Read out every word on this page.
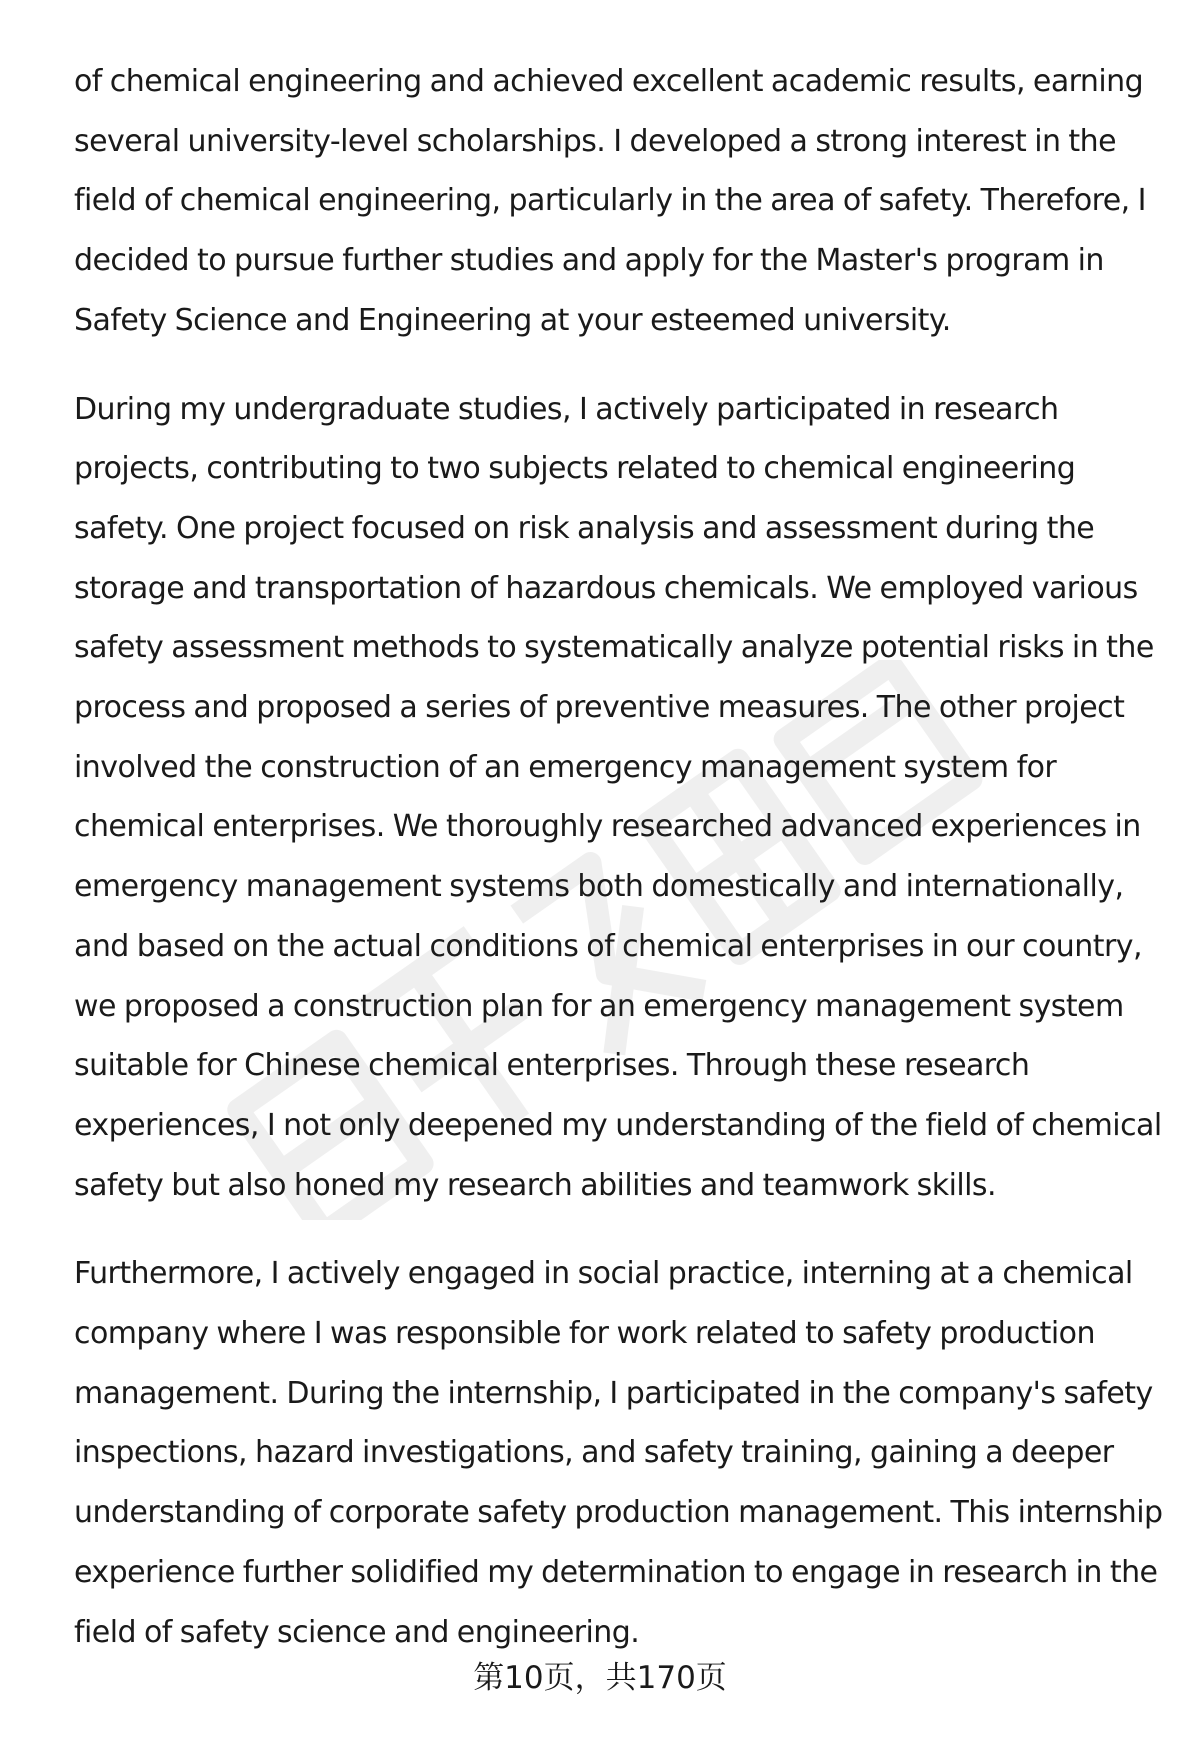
of chemical engineering and achieved excellent academic results, earning
several university-level scholarships. I developed a strong interest in the
field of chemical engineering, particularly in the area of safety. Therefore, I
decided to pursue further studies and apply for the Master's program in
Safety Science and Engineering at your esteemed university.

During my undergraduate studies, I actively participated in research
projects, contributing to two subjects related to chemical engineering
safety. One project focused on risk analysis and assessment during the
storage and transportation of hazardous chemicals. We employed various
safety assessment methods to systematically analyze potential risks in the
process and proposed a series of preventive measures. The other project
involved the construction of an emergency management system for
chemical enterprises. We thoroughly researched advanced experiences in
emergency management systems both domestically and internationally,
and based on the actual conditions of chemical enterprises in our country,
we proposed a construction plan for an emergency management system
suitable for Chinese chemical enterprises. Through these research
experiences, I not only deepened my understanding of the field of chemical
safety but also honed my research abilities and teamwork skills.

Furthermore, I actively engaged in social practice, interning at a chemical
company where I was responsible for work related to safety production
management. During the internship, I participated in the company's safety
inspections, hazard investigations, and safety training, gaining a deeper
understanding of corporate safety production management. This internship
experience further solidified my determination to engage in research in the
field of safety science and engineering.

第10页，共170页
